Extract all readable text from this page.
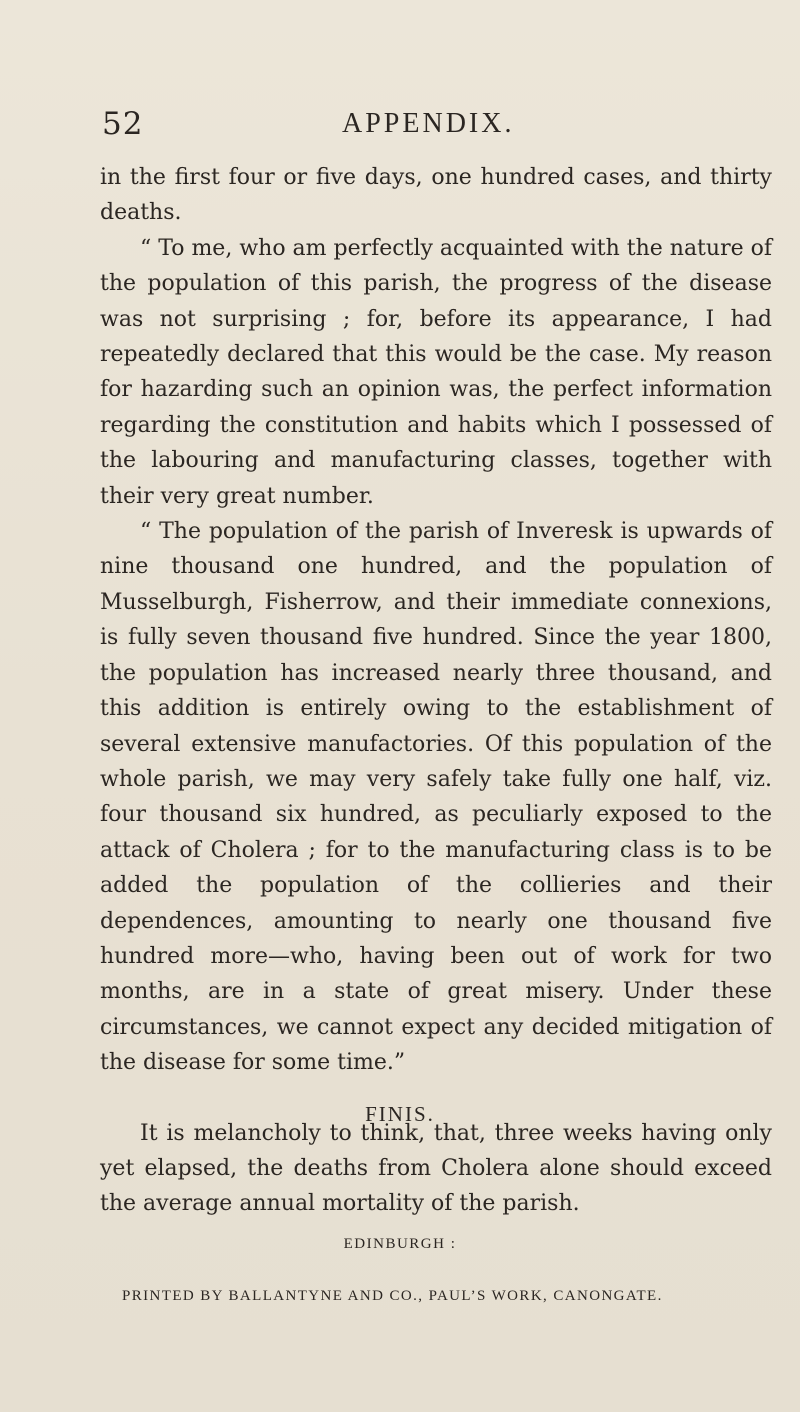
52	APPENDIX.

in the first four or five days, one hundred cases, and thirty deaths.

“ To me, who am perfectly acquainted with the nature of the population of this parish, the progress of the disease was not surprising ; for, before its appearance, I had repeatedly declared that this would be the case. My reason for hazarding such an opinion was, the perfect information regarding the constitution and habits which I possessed of the labouring and manufacturing classes, together with their very great number.

“ The population of the parish of Inveresk is upwards of nine thousand one hundred, and the population of Musselburgh, Fisherrow, and their immediate connexions, is fully seven thousand five hundred. Since the year 1800, the population has increased nearly three thousand, and this addition is entirely owing to the establishment of several extensive manufactories. Of this population of the whole parish, we may very safely take fully one half, viz. four thousand six hundred, as peculiarly exposed to the attack of Cholera ; for to the manufacturing class is to be added the population of the collieries and their dependences, amounting to nearly one thousand five hundred more—who, having been out of work for two months, are in a state of great misery. Under these circumstances, we cannot expect any decided mitigation of the disease for some time.”

It is melancholy to think, that, three weeks having only yet elapsed, the deaths from Cholera alone should exceed the average annual mortality of the parish.

FINIS.
EDINBURGH :
PRINTED BY BALLANTYNE AND CO., PAUL’S WORK, CANONGATE.
